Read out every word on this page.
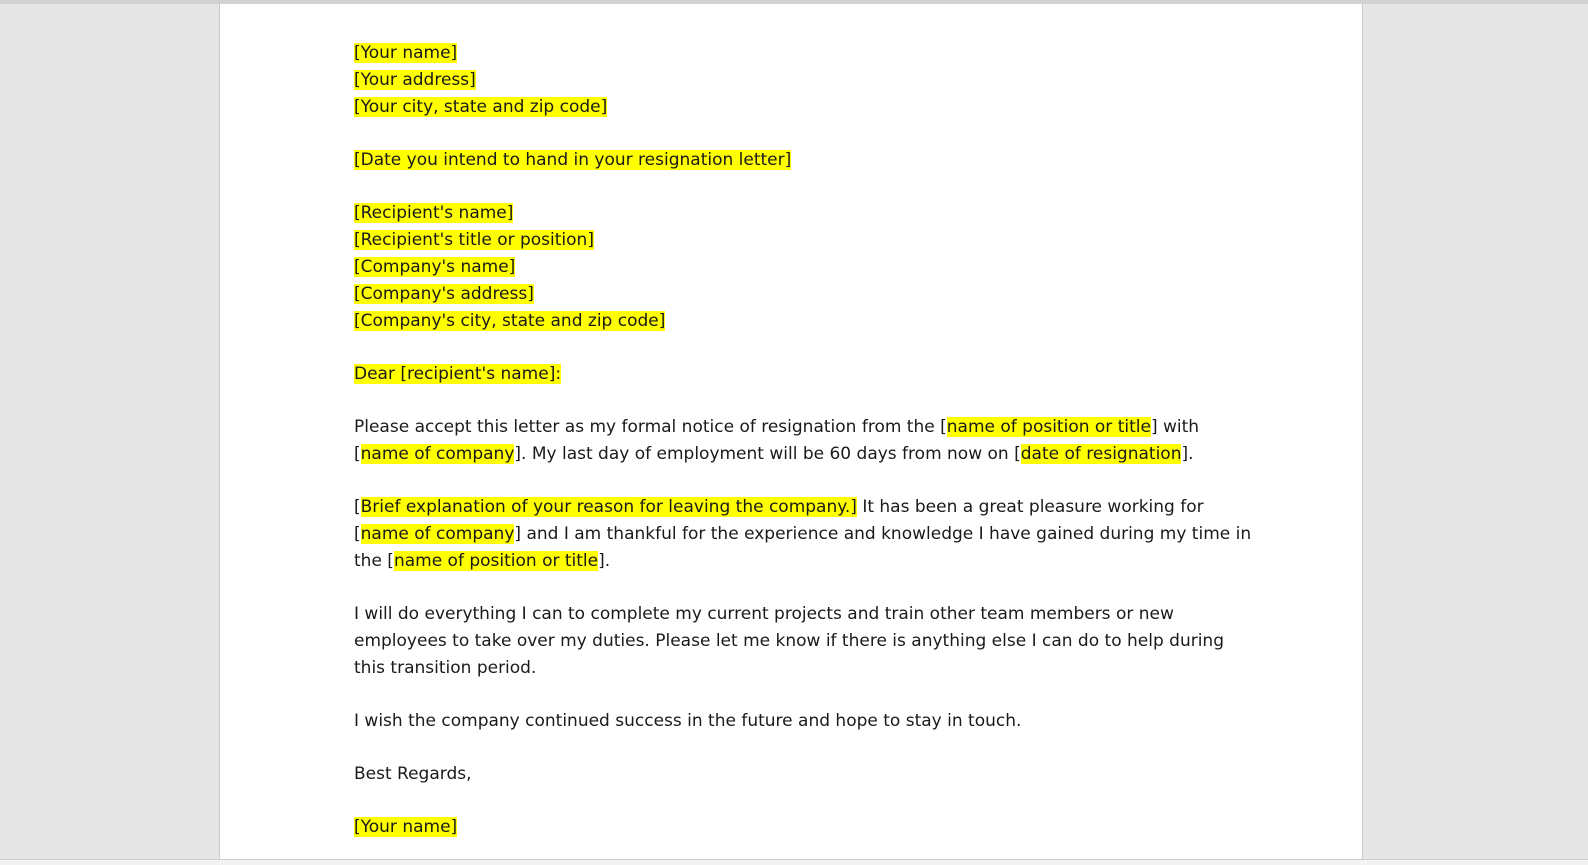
[Your name]
[Your address]
[Your city, state and zip code]

[Date you intend to hand in your resignation letter]

[Recipient's name]
[Recipient's title or position]
[Company's name]
[Company's address]
[Company's city, state and zip code]

Dear [recipient's name]:

Please accept this letter as my formal notice of resignation from the [name of position or title] with
[name of company]. My last day of employment will be 60 days from now on [date of resignation].

[Brief explanation of your reason for leaving the company.] It has been a great pleasure working for
[name of company] and I am thankful for the experience and knowledge I have gained during my time in
the [name of position or title].

I will do everything I can to complete my current projects and train other team members or new
employees to take over my duties. Please let me know if there is anything else I can do to help during
this transition period.

I wish the company continued success in the future and hope to stay in touch.

Best Regards,

[Your name]
